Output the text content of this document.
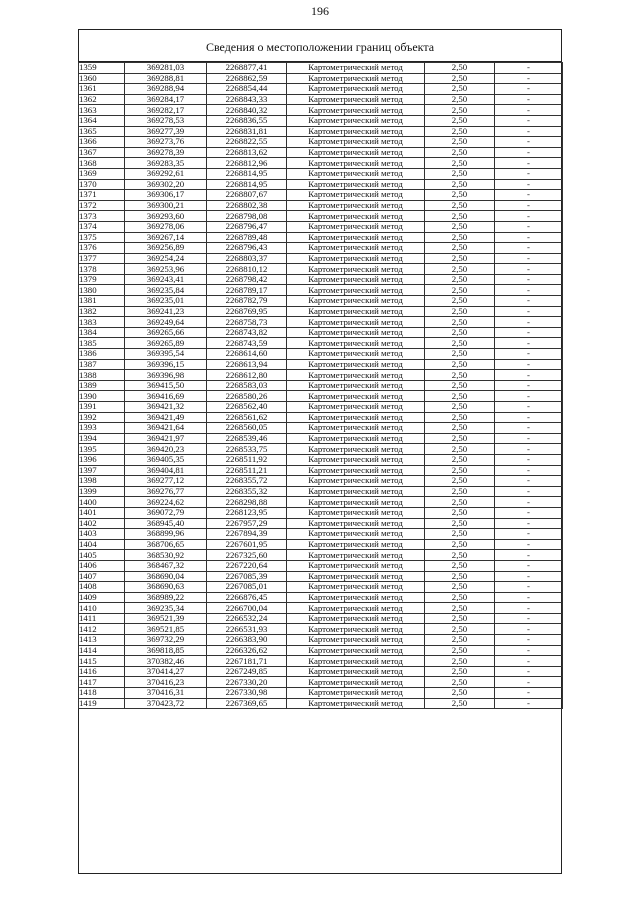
196
Сведения о местоположении границ объекта
1359	369281,03	2268877,41	Картометрический метод	2,50	-
1360	369288,81	2268862,59	Картометрический метод	2,50	-
1361	369288,94	2268854,44	Картометрический метод	2,50	-
1362	369284,17	2268843,33	Картометрический метод	2,50	-
1363	369282,17	2268840,32	Картометрический метод	2,50	-
1364	369278,53	2268836,55	Картометрический метод	2,50	-
1365	369277,39	2268831,81	Картометрический метод	2,50	-
1366	369273,76	2268822,55	Картометрический метод	2,50	-
1367	369278,39	2268813,62	Картометрический метод	2,50	-
1368	369283,35	2268812,96	Картометрический метод	2,50	-
1369	369292,61	2268814,95	Картометрический метод	2,50	-
1370	369302,20	2268814,95	Картометрический метод	2,50	-
1371	369306,17	2268807,67	Картометрический метод	2,50	-
1372	369300,21	2268802,38	Картометрический метод	2,50	-
1373	369293,60	2268798,08	Картометрический метод	2,50	-
1374	369278,06	2268796,47	Картометрический метод	2,50	-
1375	369267,14	2268789,48	Картометрический метод	2,50	-
1376	369256,89	2268796,43	Картометрический метод	2,50	-
1377	369254,24	2268803,37	Картометрический метод	2,50	-
1378	369253,96	2268810,12	Картометрический метод	2,50	-
1379	369243,41	2268798,42	Картометрический метод	2,50	-
1380	369235,84	2268789,17	Картометрический метод	2,50	-
1381	369235,01	2268782,79	Картометрический метод	2,50	-
1382	369241,23	2268769,95	Картометрический метод	2,50	-
1383	369249,64	2268758,73	Картометрический метод	2,50	-
1384	369265,66	2268743,82	Картометрический метод	2,50	-
1385	369265,89	2268743,59	Картометрический метод	2,50	-
1386	369395,54	2268614,60	Картометрический метод	2,50	-
1387	369396,15	2268613,94	Картометрический метод	2,50	-
1388	369396,98	2268612,80	Картометрический метод	2,50	-
1389	369415,50	2268583,03	Картометрический метод	2,50	-
1390	369416,69	2268580,26	Картометрический метод	2,50	-
1391	369421,32	2268562,40	Картометрический метод	2,50	-
1392	369421,49	2268561,62	Картометрический метод	2,50	-
1393	369421,64	2268560,05	Картометрический метод	2,50	-
1394	369421,97	2268539,46	Картометрический метод	2,50	-
1395	369420,23	2268533,75	Картометрический метод	2,50	-
1396	369405,35	2268511,92	Картометрический метод	2,50	-
1397	369404,81	2268511,21	Картометрический метод	2,50	-
1398	369277,12	2268355,72	Картометрический метод	2,50	-
1399	369276,77	2268355,32	Картометрический метод	2,50	-
1400	369224,62	2268298,88	Картометрический метод	2,50	-
1401	369072,79	2268123,95	Картометрический метод	2,50	-
1402	368945,40	2267957,29	Картометрический метод	2,50	-
1403	368899,96	2267894,39	Картометрический метод	2,50	-
1404	368706,65	2267601,95	Картометрический метод	2,50	-
1405	368530,92	2267325,60	Картометрический метод	2,50	-
1406	368467,32	2267220,64	Картометрический метод	2,50	-
1407	368690,04	2267085,39	Картометрический метод	2,50	-
1408	368690,63	2267085,01	Картометрический метод	2,50	-
1409	368989,22	2266876,45	Картометрический метод	2,50	-
1410	369235,34	2266700,04	Картометрический метод	2,50	-
1411	369521,39	2266532,24	Картометрический метод	2,50	-
1412	369521,85	2266531,93	Картометрический метод	2,50	-
1413	369732,29	2266383,90	Картометрический метод	2,50	-
1414	369818,85	2266326,62	Картометрический метод	2,50	-
1415	370382,46	2267181,71	Картометрический метод	2,50	-
1416	370414,27	2267249,85	Картометрический метод	2,50	-
1417	370416,23	2267330,20	Картометрический метод	2,50	-
1418	370416,31	2267330,98	Картометрический метод	2,50	-
1419	370423,72	2267369,65	Картометрический метод	2,50	-
